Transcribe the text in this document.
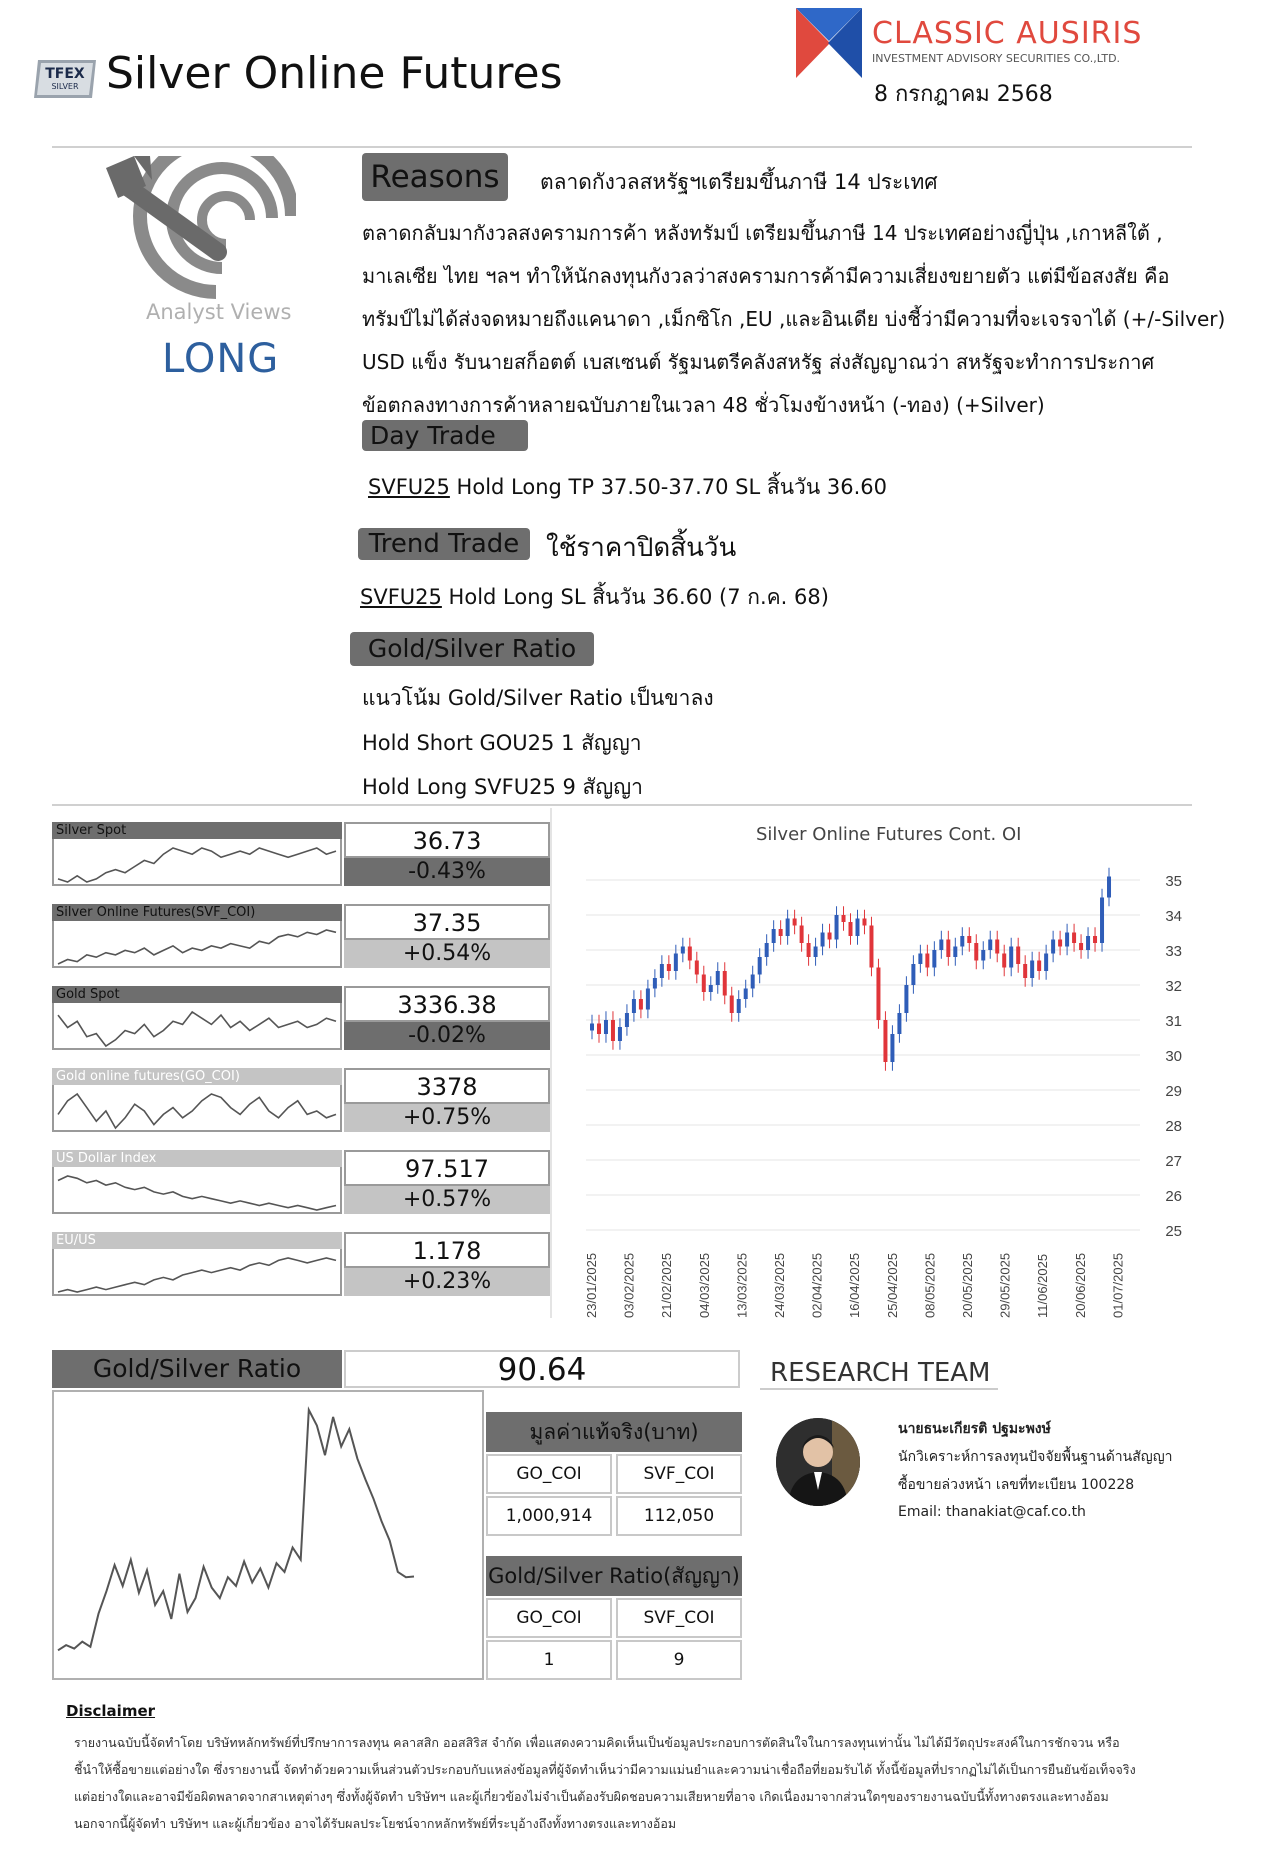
TFEX
SILVER Silver Online Futures
CLASSIC AUSIRIS
INVESTMENT ADVISORY SECURITIES CO.,LTD.
8 กรกฎาคม 2568
Analyst Views
LONG
Reasons	ตลาดกังวลสหรัฐฯเตรียมขึ้นภาษี 14 ประเทศ
ตลาดกลับมากังวลสงครามการค้า หลังทรัมป์ เตรียมขึ้นภาษี 14 ประเทศอย่างญี่ปุ่น ,เกาหลีใต้ ,
มาเลเซีย ไทย ฯลฯ ทำให้นักลงทุนกังวลว่าสงครามการค้ามีความเสี่ยงขยายตัว แต่มีข้อสงสัย คือ
ทรัมป์ไม่ได้ส่งจดหมายถึงแคนาดา ,เม็กซิโก ,EU ,และอินเดีย บ่งชี้ว่ามีความที่จะเจรจาได้ (+/-Silver)
USD แข็ง รับนายสก็อตต์ เบสเซนต์ รัฐมนตรีคลังสหรัฐ ส่งสัญญาณว่า สหรัฐจะทำการประกาศ
ข้อตกลงทางการค้าหลายฉบับภายในเวลา 48 ชั่วโมงข้างหน้า (-ทอง) (+Silver)
Day Trade
SVFU25 Hold Long TP 37.50-37.70 SL สิ้นวัน 36.60
Trend Trade	ใช้ราคาปิดสิ้นวัน
SVFU25 Hold Long SL สิ้นวัน 36.60 (7 ก.ค. 68)
Gold/Silver Ratio
แนวโน้ม Gold/Silver Ratio เป็นขาลง
Hold Short GOU25 1 สัญญา
Hold Long SVFU25 9 สัญญา
Silver Spot	36.73
-0.43%
Silver Online Futures(SVF_COI)	37.35
+0.54%
Gold Spot	3336.38
-0.02%
Gold online futures(GO_COI)	3378
+0.75%
US Dollar Index	97.517
+0.57%
EU/US	1.178
+0.23%
Silver Online Futures Cont. OI
25
26
27
28
29
30
31
32
33
34
35
23/01/2025 03/02/2025 21/02/2025 04/03/2025 13/03/2025 24/03/2025 02/04/2025 16/04/2025 25/04/2025 08/05/2025 20/05/2025 29/05/2025 11/06/2025 20/06/2025 01/07/2025
Gold/Silver Ratio	90.64
มูลค่าแท้จริง(บาท)
GO_COI	SVF_COI
1,000,914	112,050
Gold/Silver Ratio(สัญญา)
GO_COI	SVF_COI
1	9
RESEARCH TEAM
นายธนะเกียรติ ปฐมะพงษ์
นักวิเคราะห์การลงทุนปัจจัยพื้นฐานด้านสัญญา
ซื้อขายล่วงหน้า เลขที่ทะเบียน 100228
Email: thanakiat@caf.co.th
Disclaimer
รายงานฉบับนี้จัดทำโดย บริษัทหลักทรัพย์ที่ปรึกษาการลงทุน คลาสสิก ออสสิริส จำกัด เพื่อแสดงความคิดเห็นเป็นข้อมูลประกอบการตัดสินใจในการลงทุนเท่านั้น ไม่ได้มีวัตถุประสงค์ในการชักจวน หรือ
ชี้นำให้ซื้อขายแต่อย่างใด ซึ่งรายงานนี้ จัดทำด้วยความเห็นส่วนตัวประกอบกับแหล่งข้อมูลที่ผู้จัดทำเห็นว่ามีความแม่นยำและความน่าเชื่อถือที่ยอมรับได้ ทั้งนี้ข้อมูลที่ปรากฏไม่ได้เป็นการยืนยันข้อเท็จจริง
แต่อย่างใดและอาจมีข้อผิดพลาดจากสาเหตุต่างๆ ซึ่งทั้งผู้จัดทำ บริษัทฯ และผู้เกี่ยวข้องไม่จำเป็นต้องรับผิดชอบความเสียหายที่อาจ เกิดเนื่องมาจากส่วนใดๆของรายงานฉบับนี้ทั้งทางตรงและทางอ้อม
นอกจากนี้ผู้จัดทำ บริษัทฯ และผู้เกี่ยวข้อง อาจได้รับผลประโยชน์จากหลักทรัพย์ที่ระบุอ้างถึงทั้งทางตรงและทางอ้อม
